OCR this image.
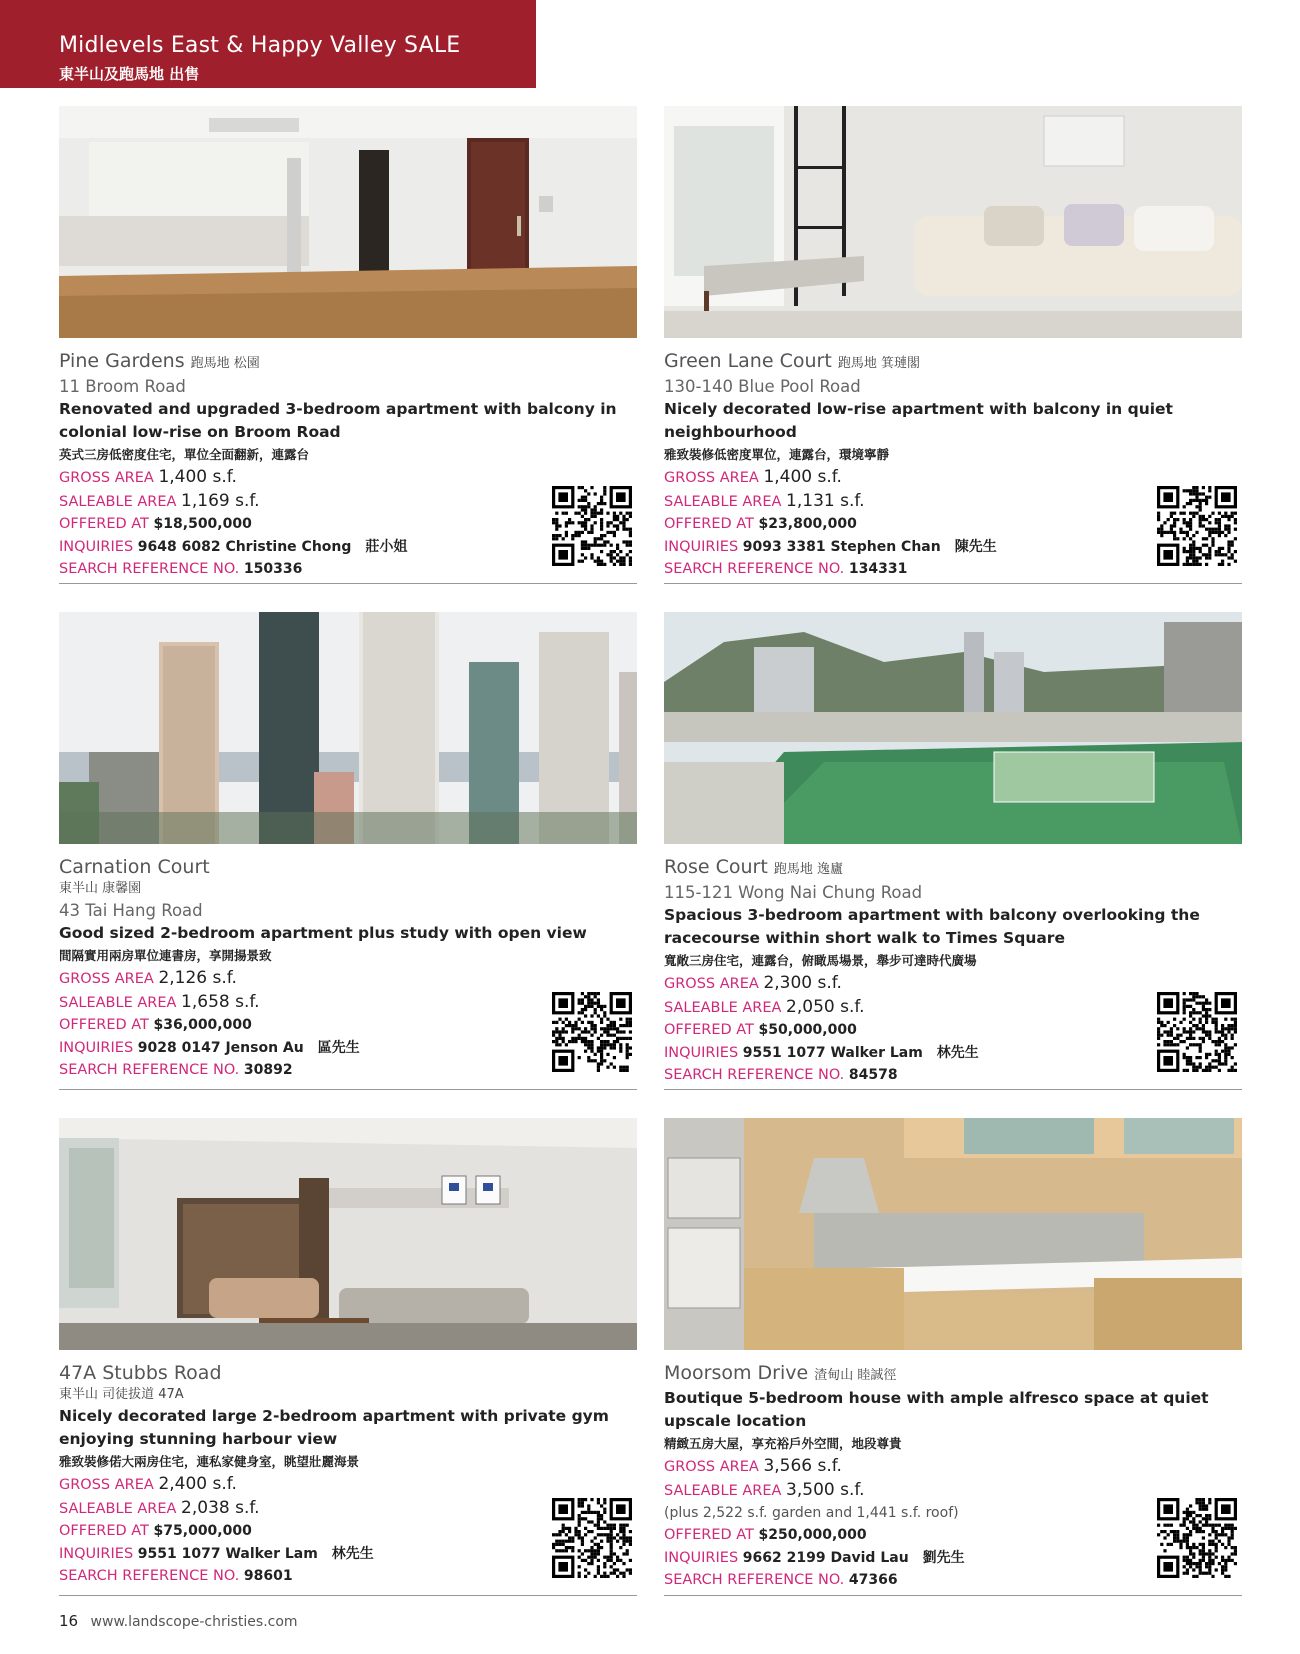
Midlevels East & Happy Valley SALE
東半山及跑馬地 出售
Pine Gardens 跑馬地 松園
11 Broom Road
Renovated and upgraded 3-bedroom apartment with balcony in colonial low-rise on Broom Road
英式三房低密度住宅，單位全面翻新，連露台
GROSS AREA 1,400 s.f.
SALEABLE AREA 1,169 s.f.
OFFERED AT $18,500,000
INQUIRIES 9648 6082 Christine Chong　莊小姐
SEARCH REFERENCE NO. 150336
Green Lane Court 跑馬地 箕璉閣
130-140 Blue Pool Road
Nicely decorated low-rise apartment with balcony in quiet neighbourhood
雅致裝修低密度單位，連露台，環境寧靜
GROSS AREA 1,400 s.f.
SALEABLE AREA 1,131 s.f.
OFFERED AT $23,800,000
INQUIRIES 9093 3381 Stephen Chan　陳先生
SEARCH REFERENCE NO. 134331
Carnation Court
東半山 康馨園
43 Tai Hang Road
Good sized 2-bedroom apartment plus study with open view
間隔實用兩房單位連書房，享開揚景致
GROSS AREA 2,126 s.f.
SALEABLE AREA 1,658 s.f.
OFFERED AT $36,000,000
INQUIRIES 9028 0147 Jenson Au　區先生
SEARCH REFERENCE NO. 30892
Rose Court 跑馬地 逸廬
115-121 Wong Nai Chung Road
Spacious 3-bedroom apartment with balcony overlooking the racecourse within short walk to Times Square
寬敞三房住宅，連露台，俯瞰馬場景，舉步可達時代廣場
GROSS AREA 2,300 s.f.
SALEABLE AREA 2,050 s.f.
OFFERED AT $50,000,000
INQUIRIES 9551 1077 Walker Lam　林先生
SEARCH REFERENCE NO. 84578
47A Stubbs Road
東半山 司徒拔道 47A
Nicely decorated large 2-bedroom apartment with private gym enjoying stunning harbour view
雅致裝修偌大兩房住宅，連私家健身室，眺望壯麗海景
GROSS AREA 2,400 s.f.
SALEABLE AREA 2,038 s.f.
OFFERED AT $75,000,000
INQUIRIES 9551 1077 Walker Lam　林先生
SEARCH REFERENCE NO. 98601
Moorsom Drive 渣甸山 睦誠徑
Boutique 5-bedroom house with ample alfresco space at quiet upscale location
精緻五房大屋，享充裕戶外空間，地段尊貴
GROSS AREA 3,566 s.f.
SALEABLE AREA 3,500 s.f.
(plus 2,522 s.f. garden and 1,441 s.f. roof)
OFFERED AT $250,000,000
INQUIRIES 9662 2199 David Lau　劉先生
SEARCH REFERENCE NO. 47366
16 www.landscope-christies.com
